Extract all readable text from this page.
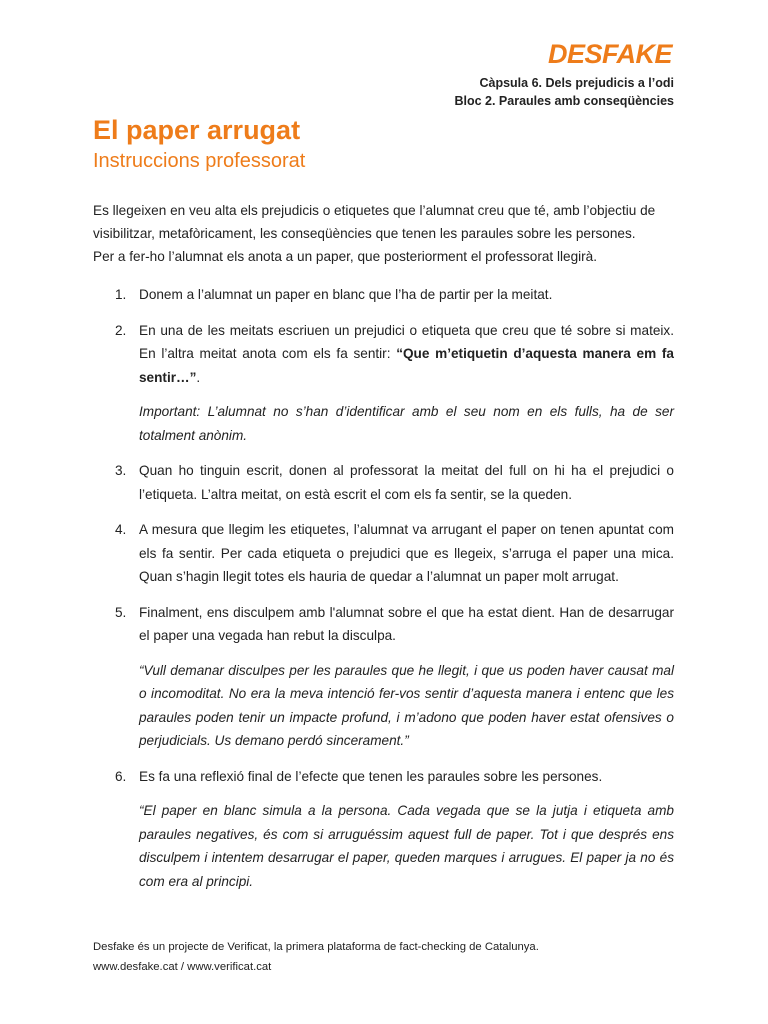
DESFAKE
Càpsula 6. Dels prejudicis a l’odi
Bloc 2. Paraules amb conseqüències
El paper arrugat
Instruccions professorat

Es llegeixen en veu alta els prejudicis o etiquetes que l’alumnat creu que té, amb l’objectiu de visibilitzar, metafòricament, les conseqüències que tenen les paraules sobre les persones.

Per a fer-ho l’alumnat els anota a un paper, que posteriorment el professorat llegirà.

1. Donem a l’alumnat un paper en blanc que l’ha de partir per la meitat.

2. En una de les meitats escriuen un prejudici o etiqueta que creu que té sobre si mateix. En l’altra meitat anota com els fa sentir: “Que m’etiquetin d’aquesta manera em fa sentir…”.

Important: L’alumnat no s’han d’identificar amb el seu nom en els fulls, ha de ser totalment anònim.

3. Quan ho tinguin escrit, donen al professorat la meitat del full on hi ha el prejudici o l’etiqueta. L’altra meitat, on està escrit el com els fa sentir, se la queden.

4. A mesura que llegim les etiquetes, l’alumnat va arrugant el paper on tenen apuntat com els fa sentir. Per cada etiqueta o prejudici que es llegeix, s’arruga el paper una mica. Quan s’hagin llegit totes els hauria de quedar a l’alumnat un paper molt arrugat.

5. Finalment, ens disculpem amb l'alumnat sobre el que ha estat dient. Han de desarrugar el paper una vegada han rebut la disculpa.

“Vull demanar disculpes per les paraules que he llegit, i que us poden haver causat mal o incomoditat. No era la meva intenció fer-vos sentir d’aquesta manera i entenc que les paraules poden tenir un impacte profund, i m’adono que poden haver estat ofensives o perjudicials. Us demano perdó sincerament.”

6. Es fa una reflexió final de l’efecte que tenen les paraules sobre les persones.

“El paper en blanc simula a la persona. Cada vegada que se la jutja i etiqueta amb paraules negatives, és com si arruguéssim aquest full de paper. Tot i que després ens disculpem i intentem desarrugar el paper, queden marques i arrugues. El paper ja no és com era al principi.

Desfake és un projecte de Verificat, la primera plataforma de fact-checking de Catalunya.

www.desfake.cat / www.verificat.cat
